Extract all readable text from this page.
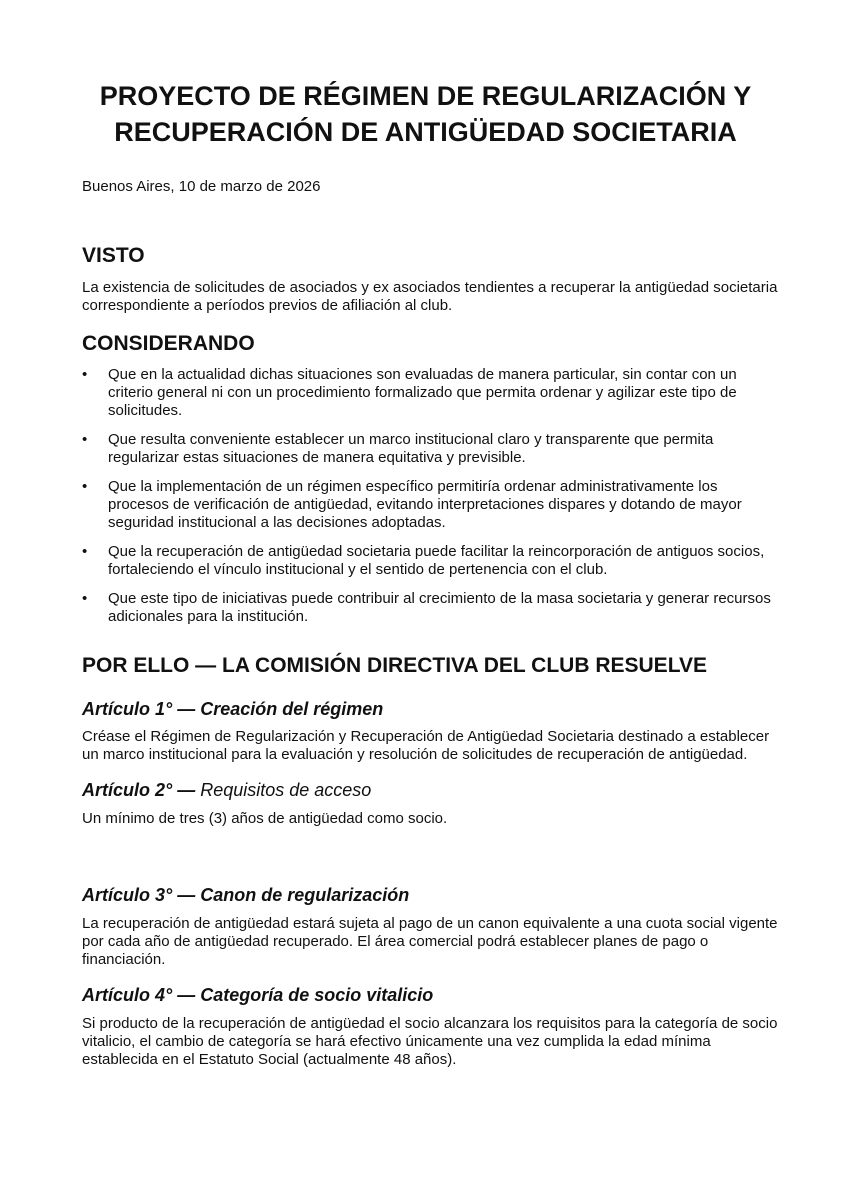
PROYECTO DE RÉGIMEN DE REGULARIZACIÓN Y
RECUPERACIÓN DE ANTIGÜEDAD SOCIETARIA

Buenos Aires, 10 de marzo de 2026

VISTO

La existencia de solicitudes de asociados y ex asociados tendientes a recuperar la antigüedad societaria correspondiente a períodos previos de afiliación al club.

CONSIDERANDO
• Que en la actualidad dichas situaciones son evaluadas de manera particular, sin contar con un criterio general ni con un procedimiento formalizado que permita ordenar y agilizar este tipo de solicitudes.
• Que resulta conveniente establecer un marco institucional claro y transparente que permita regularizar estas situaciones de manera equitativa y previsible.
• Que la implementación de un régimen específico permitiría ordenar administrativamente los procesos de verificación de antigüedad, evitando interpretaciones dispares y dotando de mayor seguridad institucional a las decisiones adoptadas.
• Que la recuperación de antigüedad societaria puede facilitar la reincorporación de antiguos socios, fortaleciendo el vínculo institucional y el sentido de pertenencia con el club.
• Que este tipo de iniciativas puede contribuir al crecimiento de la masa societaria y generar recursos adicionales para la institución.
POR ELLO — LA COMISIÓN DIRECTIVA DEL CLUB RESUELVE
Artículo 1° — Creación del régimen

Créase el Régimen de Regularización y Recuperación de Antigüedad Societaria destinado a establecer un marco institucional para la evaluación y resolución de solicitudes de recuperación de antigüedad.

Artículo 2° — Requisitos de acceso

Un mínimo de tres (3) años de antigüedad como socio.

Artículo 3° — Canon de regularización

La recuperación de antigüedad estará sujeta al pago de un canon equivalente a una cuota social vigente por cada año de antigüedad recuperado. El área comercial podrá establecer planes de pago o financiación.

Artículo 4° — Categoría de socio vitalicio

Si producto de la recuperación de antigüedad el socio alcanzara los requisitos para la categoría de socio vitalicio, el cambio de categoría se hará efectivo únicamente una vez cumplida la edad mínima establecida en el Estatuto Social (actualmente 48 años).
